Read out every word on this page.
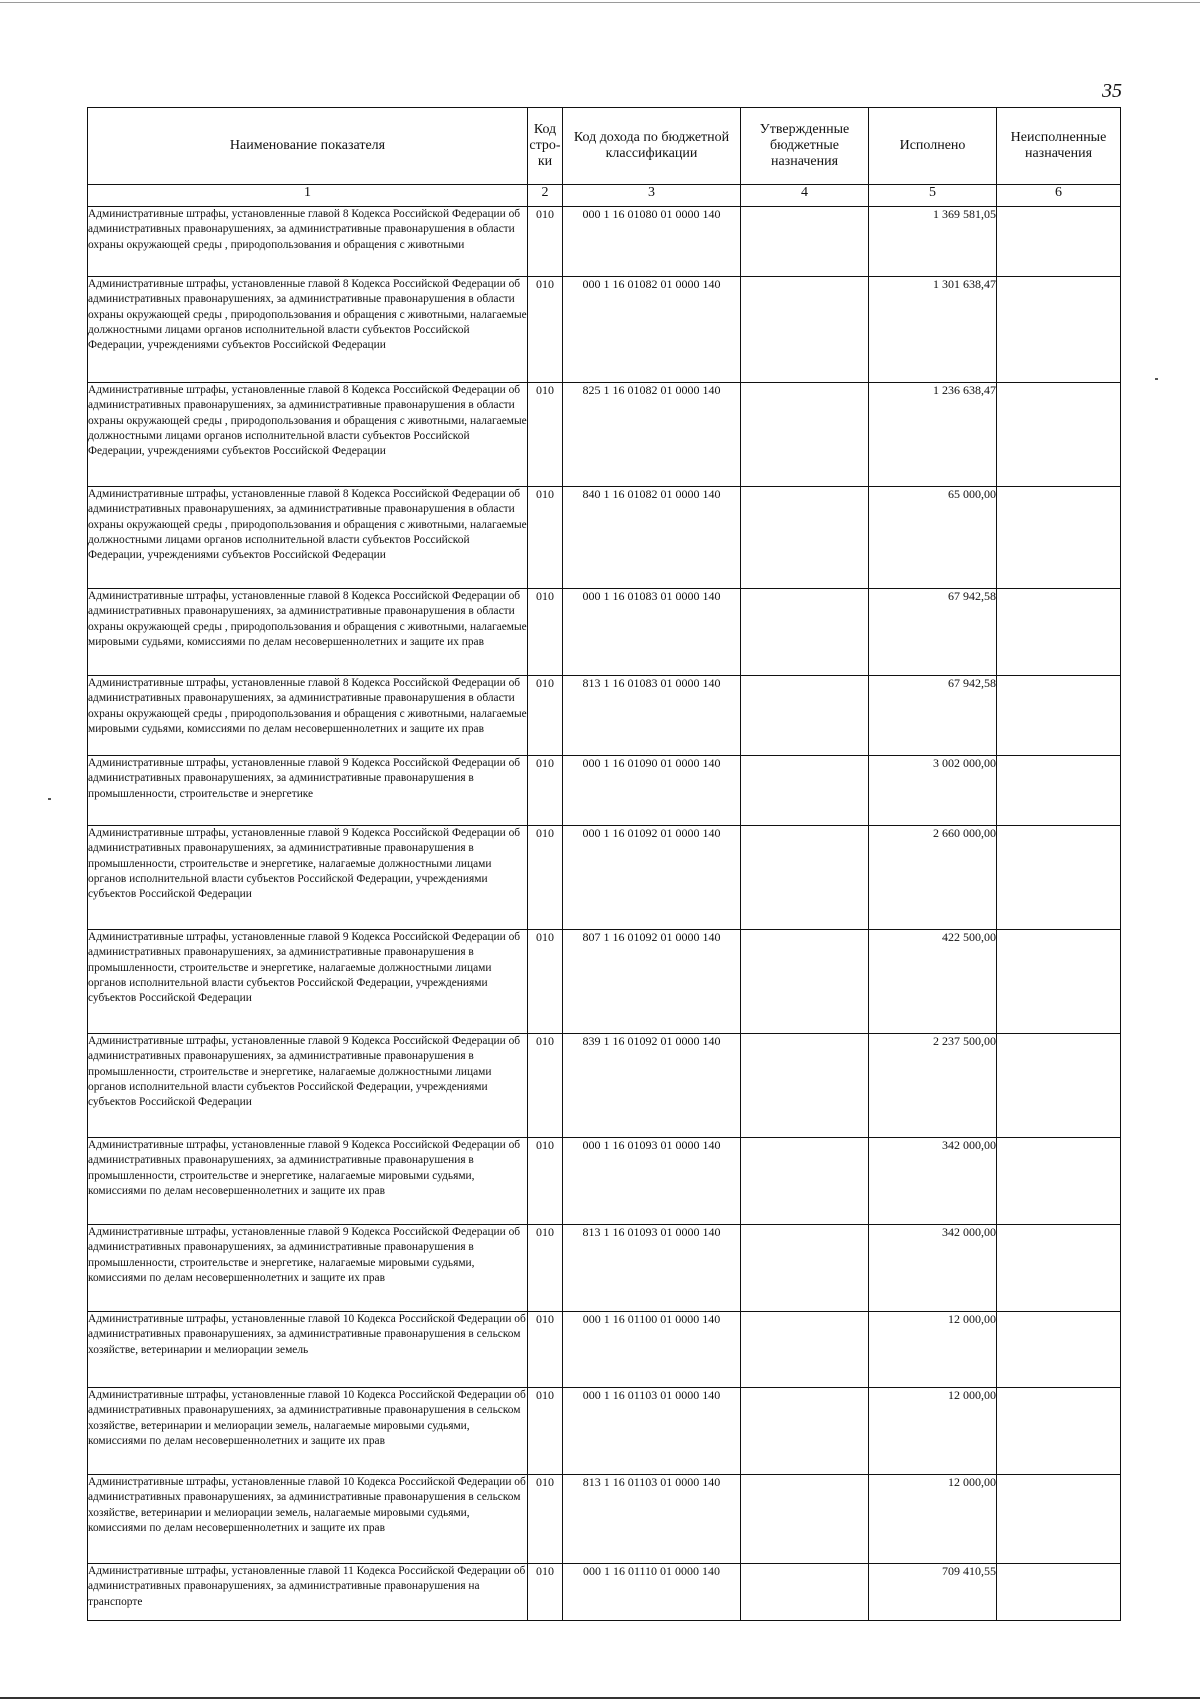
35
Наименование показателя	Код стро-ки	Код дохода по бюджетной классификации	Утвержденные бюджетные назначения	Исполнено	Неисполненные назначения
1	2	3	4	5	6
Административные штрафы, установленные главой 8 Кодекса Российской Федерации об административных правонарушениях, за административные правонарушения в области охраны окружающей среды , природопользования и обращения с животными	010	000 1 16 01080 01 0000 140		1 369 581,05	
Административные штрафы, установленные главой 8 Кодекса Российской Федерации об административных правонарушениях, за административные правонарушения в области охраны окружающей среды , природопользования и обращения с животными, налагаемые должностными лицами органов исполнительной власти субъектов Российской Федерации, учреждениями субъектов Российской Федерации	010	000 1 16 01082 01 0000 140		1 301 638,47	
Административные штрафы, установленные главой 8 Кодекса Российской Федерации об административных правонарушениях, за административные правонарушения в области охраны окружающей среды , природопользования и обращения с животными, налагаемые должностными лицами органов исполнительной власти субъектов Российской Федерации, учреждениями субъектов Российской Федерации	010	825 1 16 01082 01 0000 140		1 236 638,47	
Административные штрафы, установленные главой 8 Кодекса Российской Федерации об административных правонарушениях, за административные правонарушения в области охраны окружающей среды , природопользования и обращения с животными, налагаемые должностными лицами органов исполнительной власти субъектов Российской Федерации, учреждениями субъектов Российской Федерации	010	840 1 16 01082 01 0000 140		65 000,00	
Административные штрафы, установленные главой 8 Кодекса Российской Федерации об административных правонарушениях, за административные правонарушения в области охраны окружающей среды , природопользования и обращения с животными, налагаемые мировыми судьями, комиссиями по делам несовершеннолетних и защите их прав	010	000 1 16 01083 01 0000 140		67 942,58	
Административные штрафы, установленные главой 8 Кодекса Российской Федерации об административных правонарушениях, за административные правонарушения в области охраны окружающей среды , природопользования и обращения с животными, налагаемые мировыми судьями, комиссиями по делам несовершеннолетних и защите их прав	010	813 1 16 01083 01 0000 140		67 942,58	
Административные штрафы, установленные главой 9 Кодекса Российской Федерации об административных правонарушениях, за административные правонарушения в промышленности, строительстве и энергетике	010	000 1 16 01090 01 0000 140		3 002 000,00	
Административные штрафы, установленные главой 9 Кодекса Российской Федерации об административных правонарушениях, за административные правонарушения в промышленности, строительстве и энергетике, налагаемые должностными лицами органов исполнительной власти субъектов Российской Федерации, учреждениями субъектов Российской Федерации	010	000 1 16 01092 01 0000 140		2 660 000,00	
Административные штрафы, установленные главой 9 Кодекса Российской Федерации об административных правонарушениях, за административные правонарушения в промышленности, строительстве и энергетике, налагаемые должностными лицами органов исполнительной власти субъектов Российской Федерации, учреждениями субъектов Российской Федерации	010	807 1 16 01092 01 0000 140		422 500,00	
Административные штрафы, установленные главой 9 Кодекса Российской Федерации об административных правонарушениях, за административные правонарушения в промышленности, строительстве и энергетике, налагаемые должностными лицами органов исполнительной власти субъектов Российской Федерации, учреждениями субъектов Российской Федерации	010	839 1 16 01092 01 0000 140		2 237 500,00	
Административные штрафы, установленные главой 9 Кодекса Российской Федерации об административных правонарушениях, за административные правонарушения в промышленности, строительстве и энергетике, налагаемые мировыми судьями, комиссиями по делам несовершеннолетних и защите их прав	010	000 1 16 01093 01 0000 140		342 000,00	
Административные штрафы, установленные главой 9 Кодекса Российской Федерации об административных правонарушениях, за административные правонарушения в промышленности, строительстве и энергетике, налагаемые мировыми судьями, комиссиями по делам несовершеннолетних и защите их прав	010	813 1 16 01093 01 0000 140		342 000,00	
Административные штрафы, установленные главой 10 Кодекса Российской Федерации об административных правонарушениях, за административные правонарушения в сельском хозяйстве, ветеринарии и мелиорации земель	010	000 1 16 01100 01 0000 140		12 000,00	
Административные штрафы, установленные главой 10 Кодекса Российской Федерации об административных правонарушениях, за административные правонарушения в сельском хозяйстве, ветеринарии и мелиорации земель, налагаемые мировыми судьями, комиссиями по делам несовершеннолетних и защите их прав	010	000 1 16 01103 01 0000 140		12 000,00	
Административные штрафы, установленные главой 10 Кодекса Российской Федерации об административных правонарушениях, за административные правонарушения в сельском хозяйстве, ветеринарии и мелиорации земель, налагаемые мировыми судьями, комиссиями по делам несовершеннолетних и защите их прав	010	813 1 16 01103 01 0000 140		12 000,00	
Административные штрафы, установленные главой 11 Кодекса Российской Федерации об административных правонарушениях, за административные правонарушения на транспорте	010	000 1 16 01110 01 0000 140		709 410,55	
